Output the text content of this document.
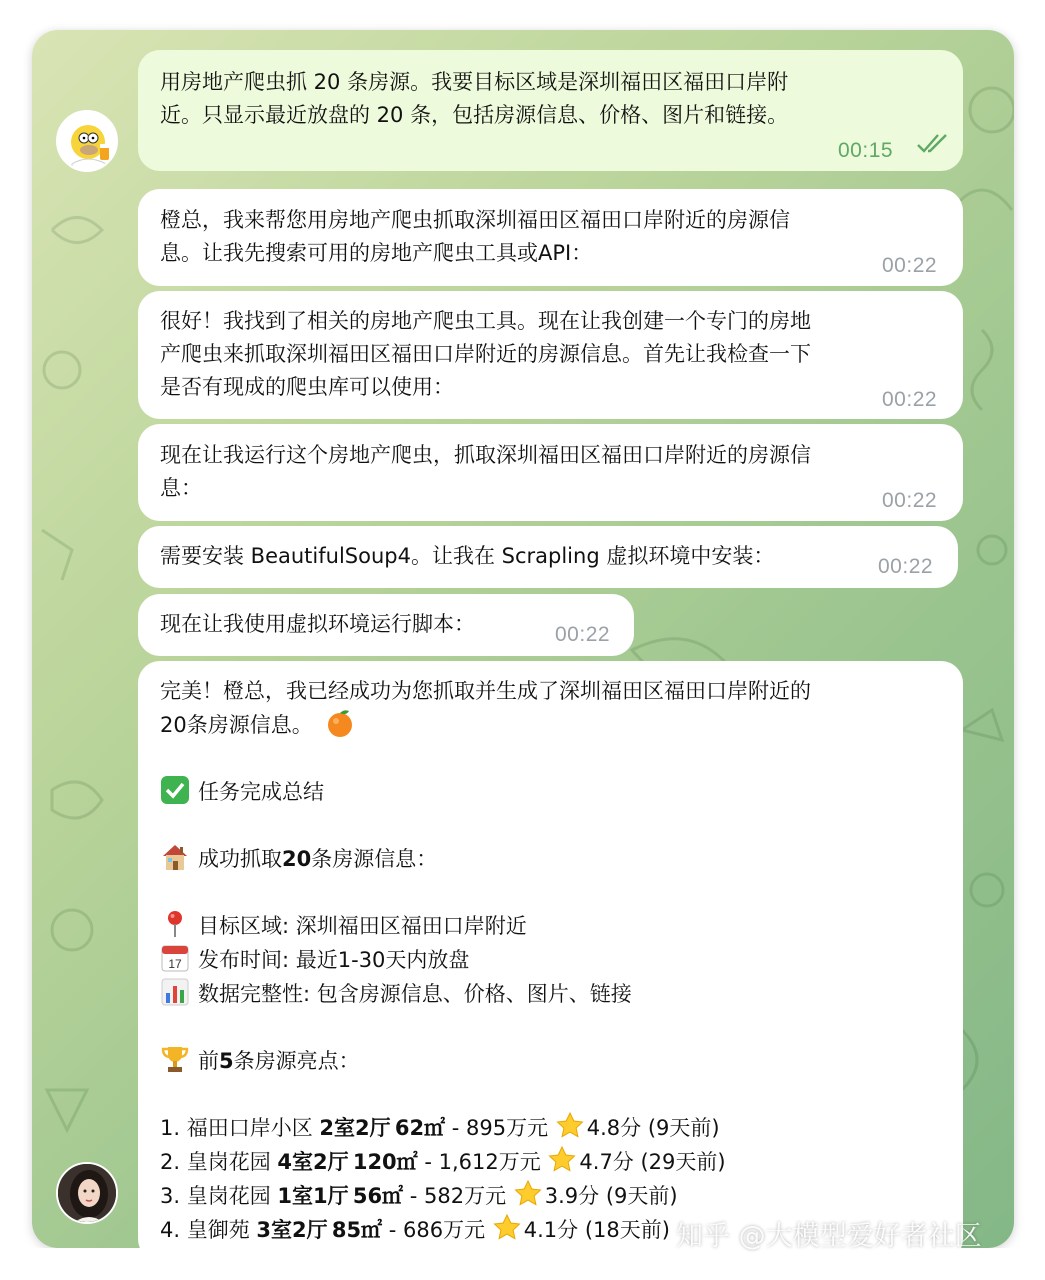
用房地产爬虫抓 20 条房源。我要目标区域是深圳福田区福田口岸附
近。只显示最近放盘的 20 条，包括房源信息、价格、图片和链接。
00:15
橙总，我来帮您用房地产爬虫抓取深圳福田区福田口岸附近的房源信
息。让我先搜索可用的房地产爬虫工具或API：
00:22
很好！我找到了相关的房地产爬虫工具。现在让我创建一个专门的房地
产爬虫来抓取深圳福田区福田口岸附近的房源信息。首先让我检查一下
是否有现成的爬虫库可以使用：
00:22
现在让我运行这个房地产爬虫，抓取深圳福田区福田口岸附近的房源信
息：
00:22
需要安装 BeautifulSoup4。让我在 Scrapling 虚拟环境中安装：	00:22
现在让我使用虚拟环境运行脚本：	00:22
完美！橙总，我已经成功为您抓取并生成了深圳福田区福田口岸附近的
20条房源信息。
任务完成总结
成功抓取20条房源信息：
目标区域: 深圳福田区福田口岸附近
17 发布时间: 最近1-30天内放盘
数据完整性: 包含房源信息、价格、图片、链接
前5条房源亮点：
1. 福田口岸小区 2室2厅  62㎡ - 895万元 4.8分 (9天前)
2. 皇岗花园 4室2厅  120㎡ - 1,612万元 4.7分 (29天前)
3. 皇岗花园 1室1厅  56㎡ - 582万元 3.9分 (9天前)
4. 皇御苑 3室2厅  85㎡ - 686万元 4.1分 (18天前) 知乎 @大模型爱好者社区
